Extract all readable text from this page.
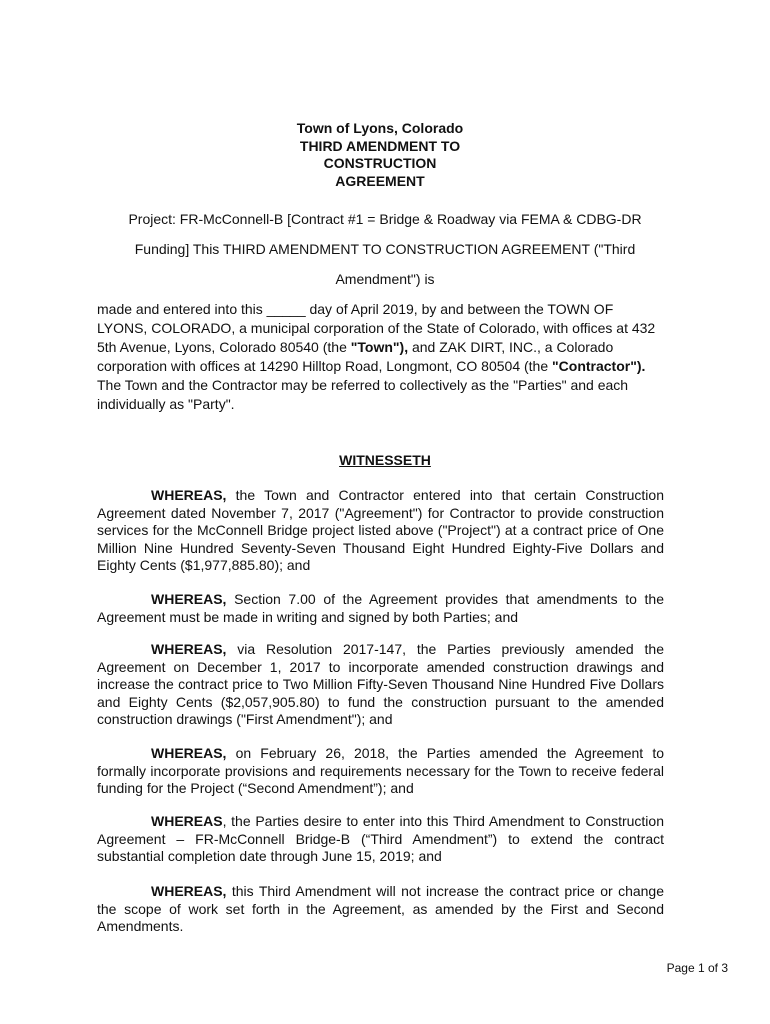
Town of Lyons, Colorado
THIRD AMENDMENT TO
CONSTRUCTION
AGREEMENT
Project: FR-McConnell-B [Contract #1 = Bridge & Roadway via FEMA & CDBG-DR
Funding] This THIRD AMENDMENT TO CONSTRUCTION AGREEMENT ("Third
Amendment") is
made and entered into this _____ day of April 2019, by and between the TOWN OF LYONS, COLORADO, a municipal corporation of the State of Colorado, with offices at 432 5th Avenue, Lyons, Colorado 80540 (the "Town"), and ZAK DIRT, INC., a Colorado corporation with offices at 14290 Hilltop Road, Longmont, CO 80504 (the "Contractor"). The Town and the Contractor may be referred to collectively as the "Parties" and each individually as "Party".
WITNESSETH

WHEREAS, the Town and Contractor entered into that certain Construction Agreement dated November 7, 2017 ("Agreement") for Contractor to provide construction services for the McConnell Bridge project listed above ("Project") at a contract price of One Million Nine Hundred Seventy-Seven Thousand Eight Hundred Eighty-Five Dollars and Eighty Cents ($1,977,885.80); and

WHEREAS, Section 7.00 of the Agreement provides that amendments to the Agreement must be made in writing and signed by both Parties; and

WHEREAS, via Resolution 2017-147, the Parties previously amended the Agreement on December 1, 2017 to incorporate amended construction drawings and increase the contract price to Two Million Fifty-Seven Thousand Nine Hundred Five Dollars and Eighty Cents ($2,057,905.80) to fund the construction pursuant to the amended construction drawings ("First Amendment"); and

WHEREAS, on February 26, 2018, the Parties amended the Agreement to formally incorporate provisions and requirements necessary for the Town to receive federal funding for the Project (“Second Amendment”); and

WHEREAS, the Parties desire to enter into this Third Amendment to Construction Agreement – FR-McConnell Bridge-B (“Third Amendment”) to extend the contract substantial completion date through June 15, 2019; and

WHEREAS, this Third Amendment will not increase the contract price or change the scope of work set forth in the Agreement, as amended by the First and Second Amendments.

Page 1 of 3
